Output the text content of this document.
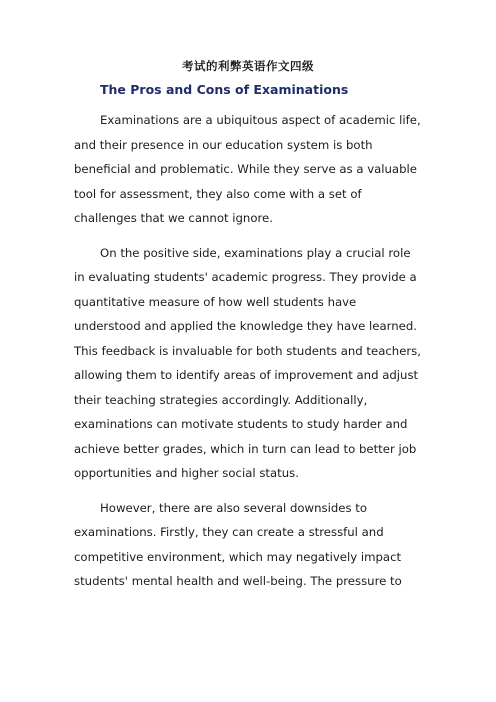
考试的利弊英语作文四级
The Pros and Cons of Examinations

Examinations are a ubiquitous aspect of academic life, and their presence in our education system is both beneficial and problematic. While they serve as a valuable tool for assessment, they also come with a set of challenges that we cannot ignore.

On the positive side, examinations play a crucial role in evaluating students' academic progress. They provide a quantitative measure of how well students have understood and applied the knowledge they have learned. This feedback is invaluable for both students and teachers, allowing them to identify areas of improvement and adjust their teaching strategies accordingly. Additionally, examinations can motivate students to study harder and achieve better grades, which in turn can lead to better job opportunities and higher social status.

However, there are also several downsides to examinations. Firstly, they can create a stressful and competitive environment, which may negatively impact students' mental health and well-being. The pressure to
